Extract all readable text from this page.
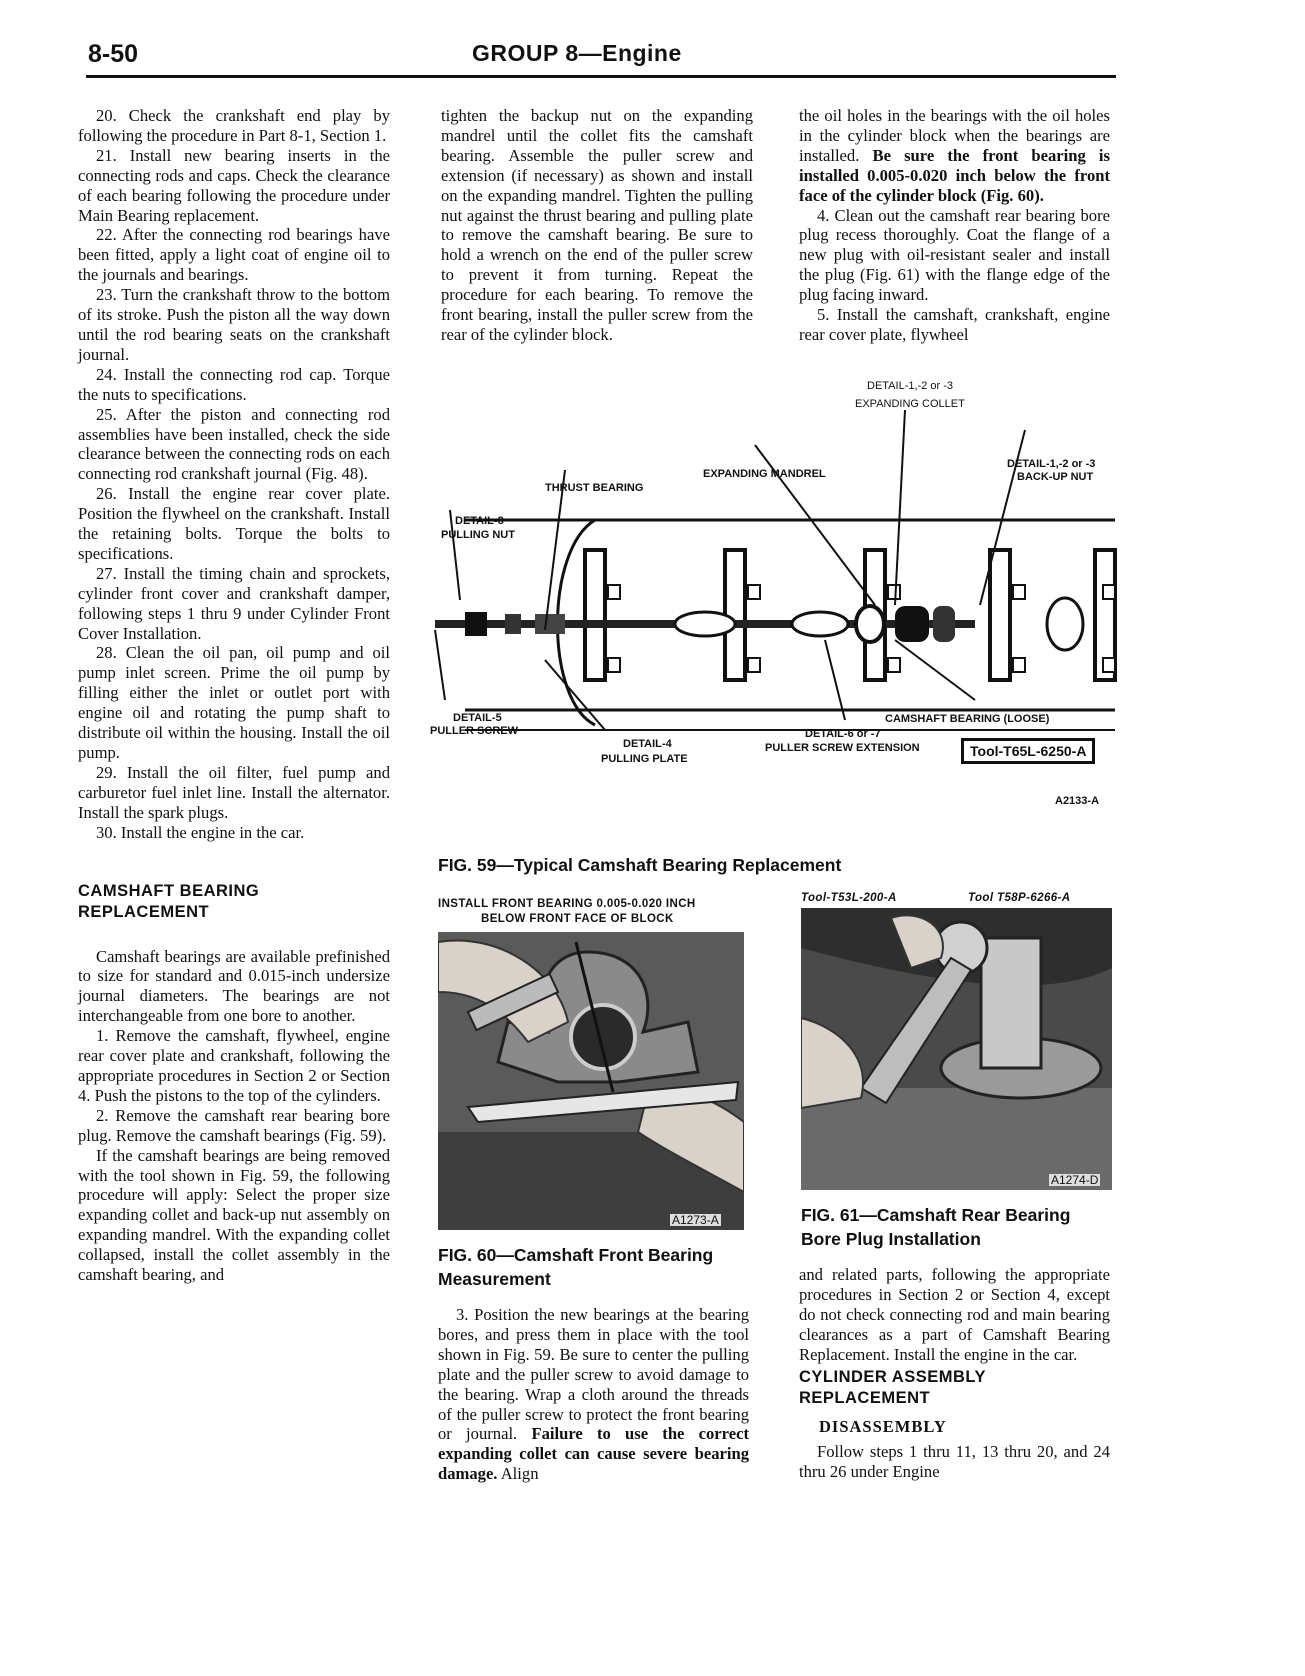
8-50	GROUP 8—Engine

20. Check the crankshaft end play by following the procedure in Part 8-1, Section 1.

21. Install new bearing inserts in the connecting rods and caps. Check the clearance of each bearing following the procedure under Main Bearing replacement.

22. After the connecting rod bearings have been fitted, apply a light coat of engine oil to the journals and bearings.

23. Turn the crankshaft throw to the bottom of its stroke. Push the piston all the way down until the rod bearing seats on the crankshaft journal.

24. Install the connecting rod cap. Torque the nuts to specifications.

25. After the piston and connecting rod assemblies have been installed, check the side clearance between the connecting rods on each connecting rod crankshaft journal (Fig. 48).

26. Install the engine rear cover plate. Position the flywheel on the crankshaft. Install the retaining bolts. Torque the bolts to specifications.

27. Install the timing chain and sprockets, cylinder front cover and crankshaft damper, following steps 1 thru 9 under Cylinder Front Cover Installation.

28. Clean the oil pan, oil pump and oil pump inlet screen. Prime the oil pump by filling either the inlet or outlet port with engine oil and rotating the pump shaft to distribute oil within the housing. Install the oil pump.

29. Install the oil filter, fuel pump and carburetor fuel inlet line. Install the alternator. Install the spark plugs.

30. Install the engine in the car.

CAMSHAFT BEARING
REPLACEMENT

Camshaft bearings are available prefinished to size for standard and 0.015-inch undersize journal diameters. The bearings are not interchangeable from one bore to another.

1. Remove the camshaft, flywheel, engine rear cover plate and crankshaft, following the appropriate procedures in Section 2 or Section 4. Push the pistons to the top of the cylinders.

2. Remove the camshaft rear bearing bore plug. Remove the camshaft bearings (Fig. 59).

If the camshaft bearings are being removed with the tool shown in Fig. 59, the following procedure will apply: Select the proper size expanding collet and back-up nut assembly on expanding mandrel. With the expanding collet collapsed, install the collet assembly in the camshaft bearing, and

tighten the backup nut on the expanding mandrel until the collet fits the camshaft bearing. Assemble the puller screw and extension (if necessary) as shown and install on the expanding mandrel. Tighten the pulling nut against the thrust bearing and pulling plate to remove the camshaft bearing. Be sure to hold a wrench on the end of the puller screw to prevent it from turning. Repeat the procedure for each bearing. To remove the front bearing, install the puller screw from the rear of the cylinder block.

the oil holes in the bearings with the oil holes in the cylinder block when the bearings are installed. Be sure the front bearing is installed 0.005-0.020 inch below the front face of the cylinder block (Fig. 60).

4. Clean out the camshaft rear bearing bore plug recess thoroughly. Coat the flange of a new plug with oil-resistant sealer and install the plug (Fig. 61) with the flange edge of the plug facing inward.

5. Install the camshaft, crankshaft, engine rear cover plate, flywheel

DETAIL-1,-2 or -3
EXPANDING COLLET
THRUST BEARING
EXPANDING MANDREL
DETAIL-1,-2 or -3
BACK-UP NUT
DETAIL-8
PULLING NUT
DETAIL-5
PULLER SCREW
DETAIL-4
PULLING PLATE
CAMSHAFT BEARING (LOOSE)
DETAIL-6 or -7
PULLER SCREW EXTENSION	Tool-T65L-6250-A
A2133-A
FIG. 59—Typical Camshaft Bearing Replacement
INSTALL FRONT BEARING 0.005-0.020 INCH
BELOW FRONT FACE OF BLOCK
A1273-A
FIG. 60—Camshaft Front Bearing
Measurement

3. Position the new bearings at the bearing bores, and press them in place with the tool shown in Fig. 59. Be sure to center the pulling plate and the puller screw to avoid damage to the bearing. Wrap a cloth around the threads of the puller screw to protect the front bearing or journal. Failure to use the correct expanding collet can cause severe bearing damage. Align

Tool-T53L-200-A	Tool T58P-6266-A
A1274-D
FIG. 61—Camshaft Rear Bearing
Bore Plug Installation

and related parts, following the appropriate procedures in Section 2 or Section 4, except do not check connecting rod and main bearing clearances as a part of Camshaft Bearing Replacement. Install the engine in the car.

CYLINDER ASSEMBLY
REPLACEMENT
DISASSEMBLY

Follow steps 1 thru 11, 13 thru 20, and 24 thru 26 under Engine
